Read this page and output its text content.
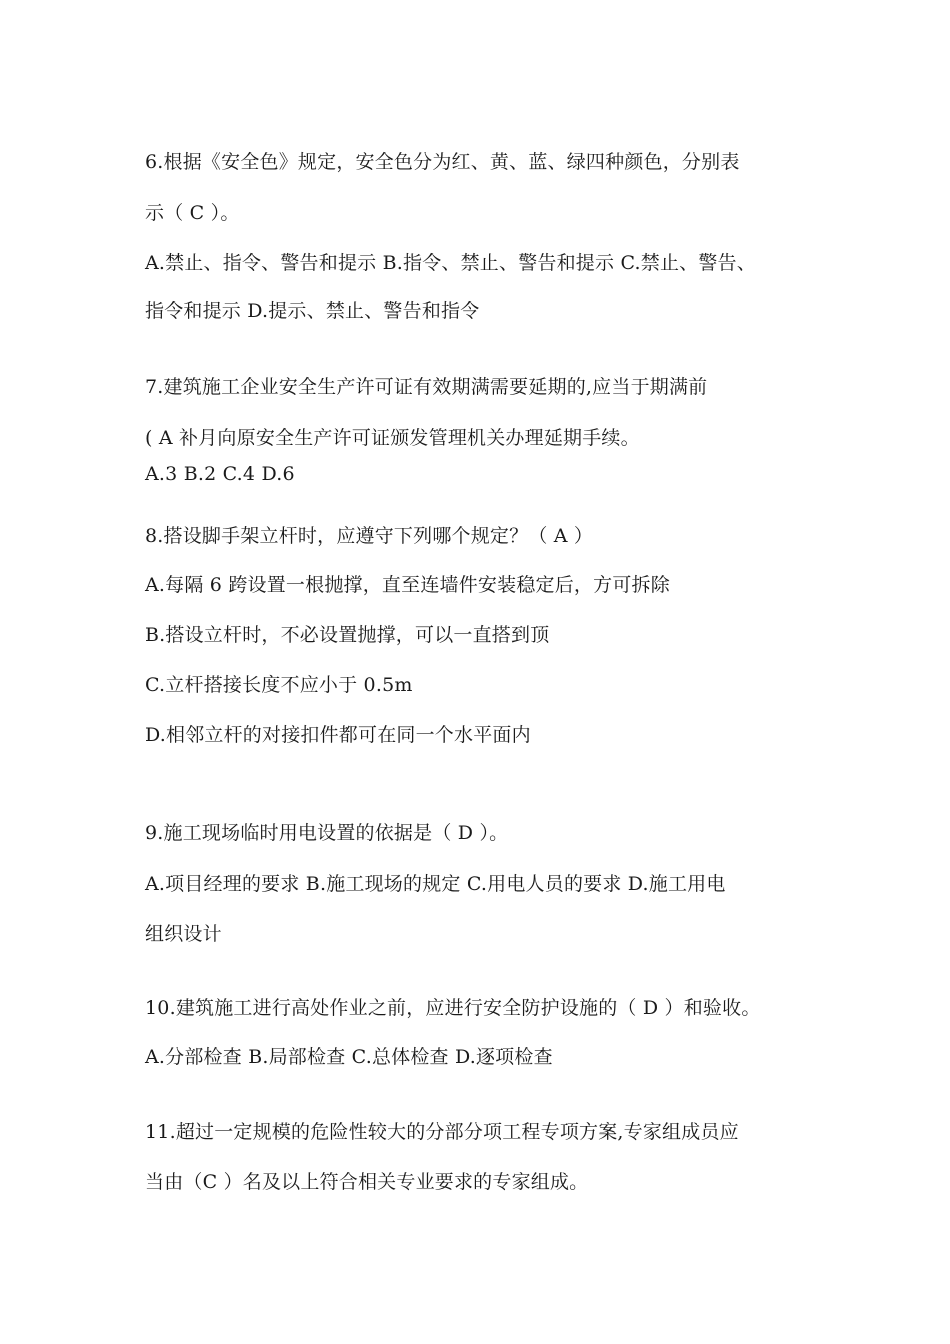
6.根据《安全色》规定，安全色分为红、黄、蓝、绿四种颜色，分别表
示（ C ）。
A.禁止、指令、警告和提示 B.指令、禁止、警告和提示 C.禁止、警告、
指令和提示 D.提示、禁止、警告和指令
7.建筑施工企业安全生产许可证有效期满需要延期的,应当于期满前
( A 补月向原安全生产许可证颁发管理机关办理延期手续。
A.3 B.2 C.4 D.6
8.搭设脚手架立杆时，应遵守下列哪个规定？（ A ）
A.每隔 6 跨设置一根抛撑，直至连墙件安装稳定后，方可拆除
B.搭设立杆时，不必设置抛撑，可以一直搭到顶
C.立杆搭接长度不应小于 0.5m
D.相邻立杆的对接扣件都可在同一个水平面内
9.施工现场临时用电设置的依据是（ D ）。
A.项目经理的要求 B.施工现场的规定 C.用电人员的要求 D.施工用电
组织设计
10.建筑施工进行高处作业之前，应进行安全防护设施的（ D ）和验收。
A.分部检查 B.局部检查 C.总体检查 D.逐项检查
11.超过一定规模的危险性较大的分部分项工程专项方案,专家组成员应
当由（C ）名及以上符合相关专业要求的专家组成。
